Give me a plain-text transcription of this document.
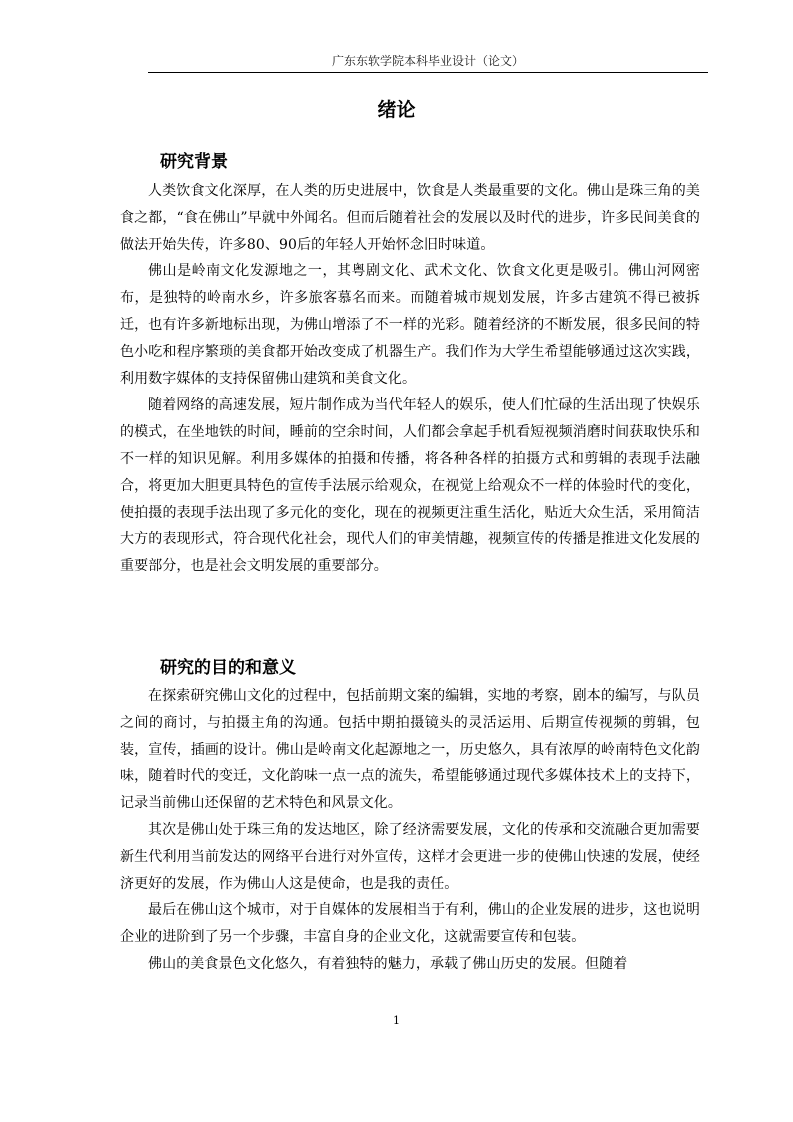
广东东软学院本科毕业设计（论文）
绪论
研究背景

人类饮食文化深厚，在人类的历史进展中，饮食是人类最重要的文化。佛山是珠三角的美食之都，“食在佛山”早就中外闻名。但而后随着社会的发展以及时代的进步，许多民间美食的做法开始失传，许多80、90后的年轻人开始怀念旧时味道。

佛山是岭南文化发源地之一，其粤剧文化、武术文化、饮食文化更是吸引。佛山河网密布，是独特的岭南水乡，许多旅客慕名而来。而随着城市规划发展，许多古建筑不得已被拆迁，也有许多新地标出现，为佛山增添了不一样的光彩。随着经济的不断发展，很多民间的特色小吃和程序繁琐的美食都开始改变成了机器生产。我们作为大学生希望能够通过这次实践，利用数字媒体的支持保留佛山建筑和美食文化。

随着网络的高速发展，短片制作成为当代年轻人的娱乐，使人们忙碌的生活出现了快娱乐的模式，在坐地铁的时间，睡前的空余时间，人们都会拿起手机看短视频消磨时间获取快乐和不一样的知识见解。利用多媒体的拍摄和传播，将各种各样的拍摄方式和剪辑的表现手法融合，将更加大胆更具特色的宣传手法展示给观众，在视觉上给观众不一样的体验时代的变化，使拍摄的表现手法出现了多元化的变化，现在的视频更注重生活化，贴近大众生活，采用简洁大方的表现形式，符合现代化社会，现代人们的审美情趣，视频宣传的传播是推进文化发展的重要部分，也是社会文明发展的重要部分。

研究的目的和意义

在探索研究佛山文化的过程中，包括前期文案的编辑，实地的考察，剧本的编写，与队员之间的商讨，与拍摄主角的沟通。包括中期拍摄镜头的灵活运用、后期宣传视频的剪辑，包装，宣传，插画的设计。佛山是岭南文化起源地之一，历史悠久，具有浓厚的岭南特色文化韵味，随着时代的变迁，文化韵味一点一点的流失，希望能够通过现代多媒体技术上的支持下，记录当前佛山还保留的艺术特色和风景文化。

其次是佛山处于珠三角的发达地区，除了经济需要发展，文化的传承和交流融合更加需要新生代利用当前发达的网络平台进行对外宣传，这样才会更进一步的使佛山快速的发展，使经济更好的发展，作为佛山人这是使命，也是我的责任。

最后在佛山这个城市，对于自媒体的发展相当于有利，佛山的企业发展的进步，这也说明企业的进阶到了另一个步骤，丰富自身的企业文化，这就需要宣传和包装。

佛山的美食景色文化悠久，有着独特的魅力，承载了佛山历史的发展。但随着

1
